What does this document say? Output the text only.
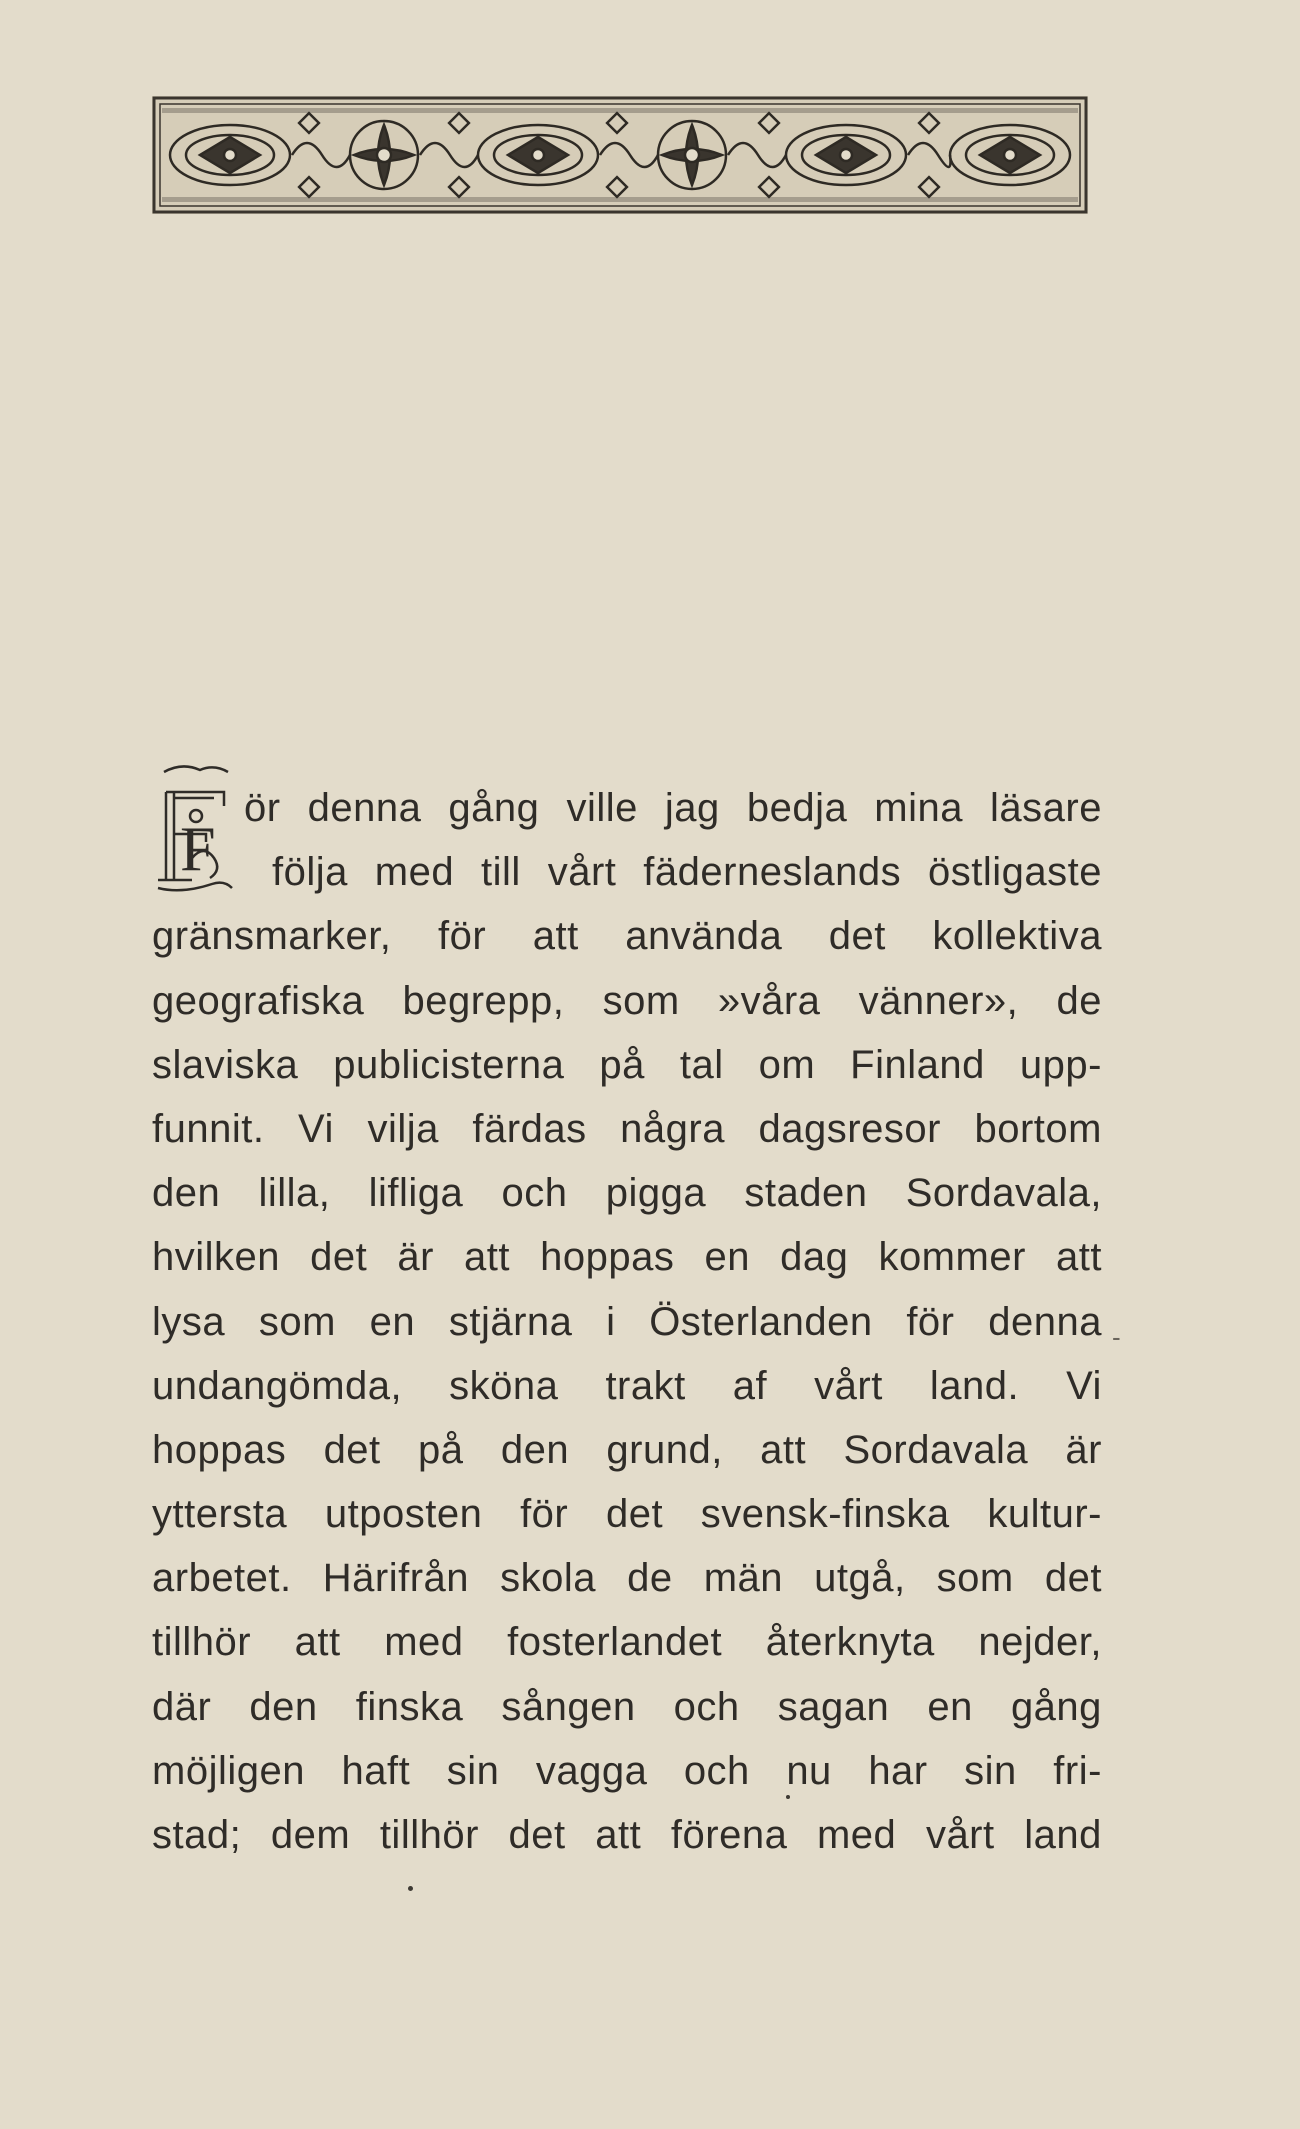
F
ör denna gång ville jag bedja mina läsare
följa med till vårt fäderneslands östligaste
gränsmarker, för att använda det kollektiva
geografiska begrepp, som »våra vänner», de
slaviska publicisterna på tal om Finland upp-
funnit. Vi vilja färdas några dagsresor bortom
den lilla, lifliga och pigga staden Sordavala,
hvilken det är att hoppas en dag kommer att
lysa som en stjärna i Österlanden för denna
undangömda, sköna trakt af vårt land. Vi
hoppas det på den grund, att Sordavala är
yttersta utposten för det svensk-finska kultur-
arbetet. Härifrån skola de män utgå, som det
tillhör att med fosterlandet återknyta nejder,
där den finska sången och sagan en gång
möjligen haft sin vagga och nu har sin fri-
stad; dem tillhör det att förena med vårt land
-
